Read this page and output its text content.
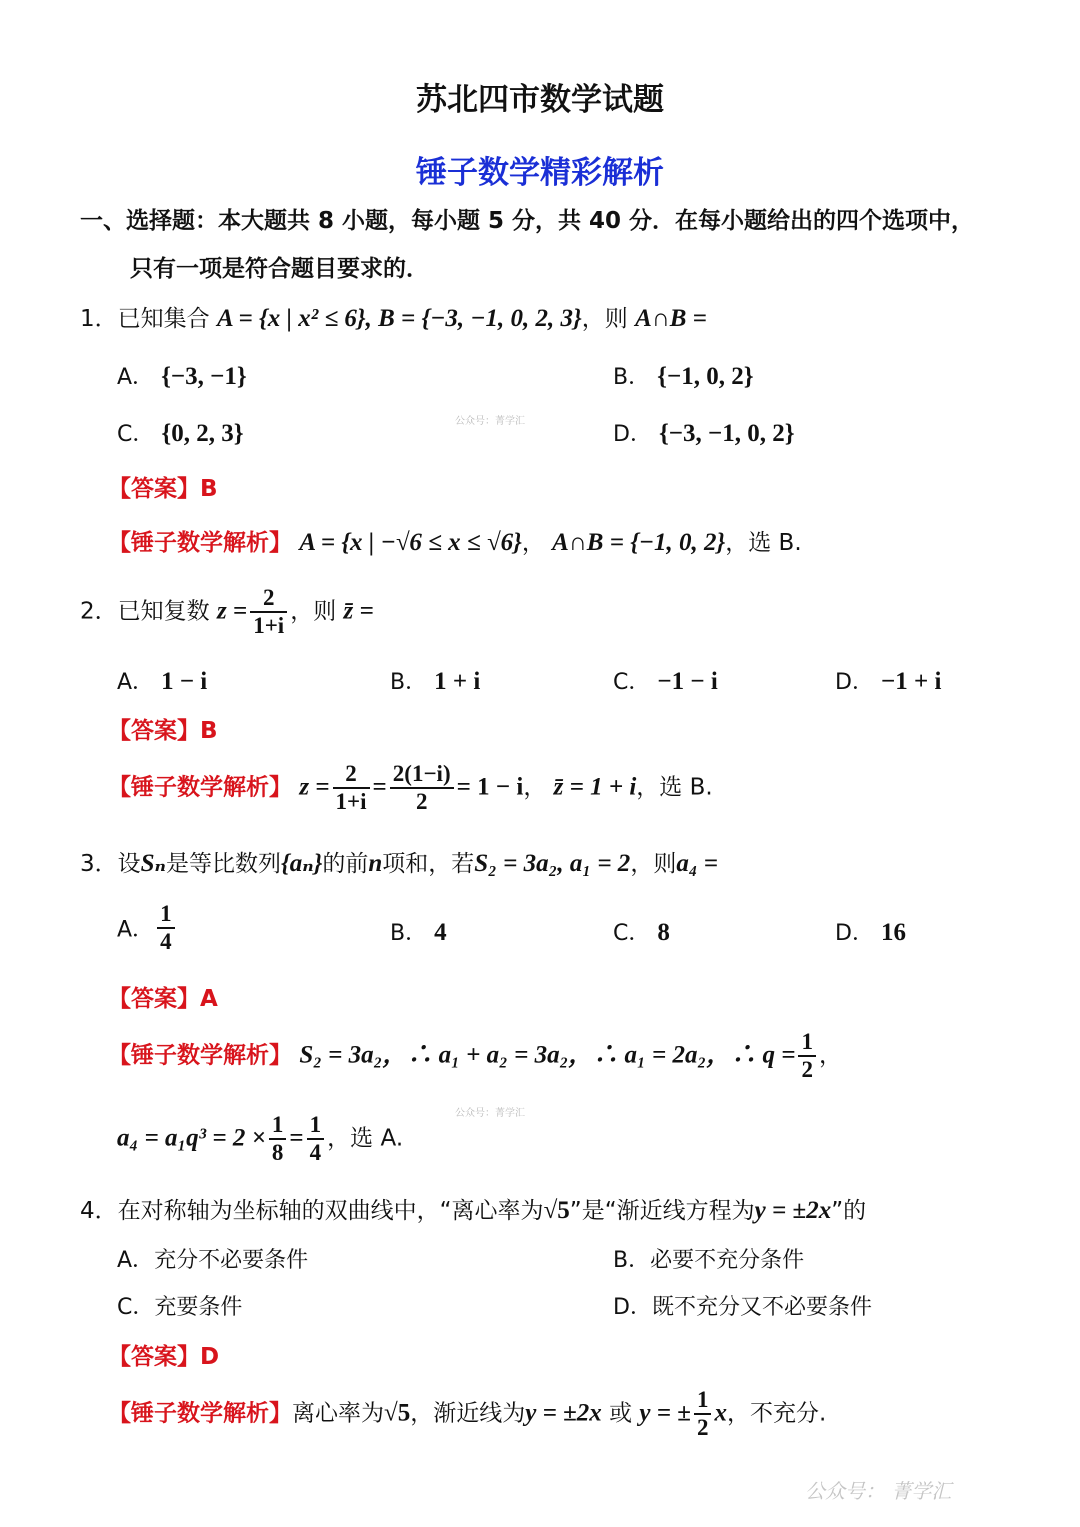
苏北四市数学试题
锤子数学精彩解析
一、选择题：本大题共 8 小题，每小题 5 分，共 40 分．在每小题给出的四个选项中，
只有一项是符合题目要求的．
1．已知集合 A = {x | x² ≤ 6}, B = {−3, −1, 0, 2, 3}，则 A∩B =
A． {−3, −1}	B． {−1, 0, 2}
C． {0, 2, 3}	D． {−3, −1, 0, 2}
公众号：菁学汇
【答案】B
【锤子数学解析】 A = {x | −√6 ≤ x ≤ √6}， A∩B = {−1, 0, 2}，选 B.
2．已知复数 $z = \frac{2}{1+i}$ ，则 z̄ =
A． 1 − i	B． 1 + i	C． −1 − i	D． −1 + i
【答案】B
【锤子数学解析】 $z = \frac{2}{1+i} = \frac{2(1-i)}{2} = 1 - i$， z̄ = 1 + i，选 B.
3．设Sₙ是等比数列{aₙ}的前n项和，若S₂ = 3a₂, a₁ = 2，则a₄ =
A． $\frac{1}{4}$	B． 4	C． 8	D． 16
【答案】A
【锤子数学解析】 S₂ = 3a₂，∴ a₁ + a₂ = 3a₂，∴ a₁ = 2a₂，∴ $q = \frac{1}{2}$ ，
公众号：菁学汇
$a_4 = a_1q^3 = 2 \times \frac{1}{8} = \frac{1}{4}$ ，选 A.
4．在对称轴为坐标轴的双曲线中，“离心率为√5”是“渐近线方程为y = ±2x”的
A．充分不必要条件	B．必要不充分条件
C．充要条件	D．既不充分又不必要条件
【答案】D
【锤子数学解析】离心率为√5，渐近线为y = ±2x 或 y = ± $\frac{1}{2}$ x，不充分.
公众号： 菁学汇
